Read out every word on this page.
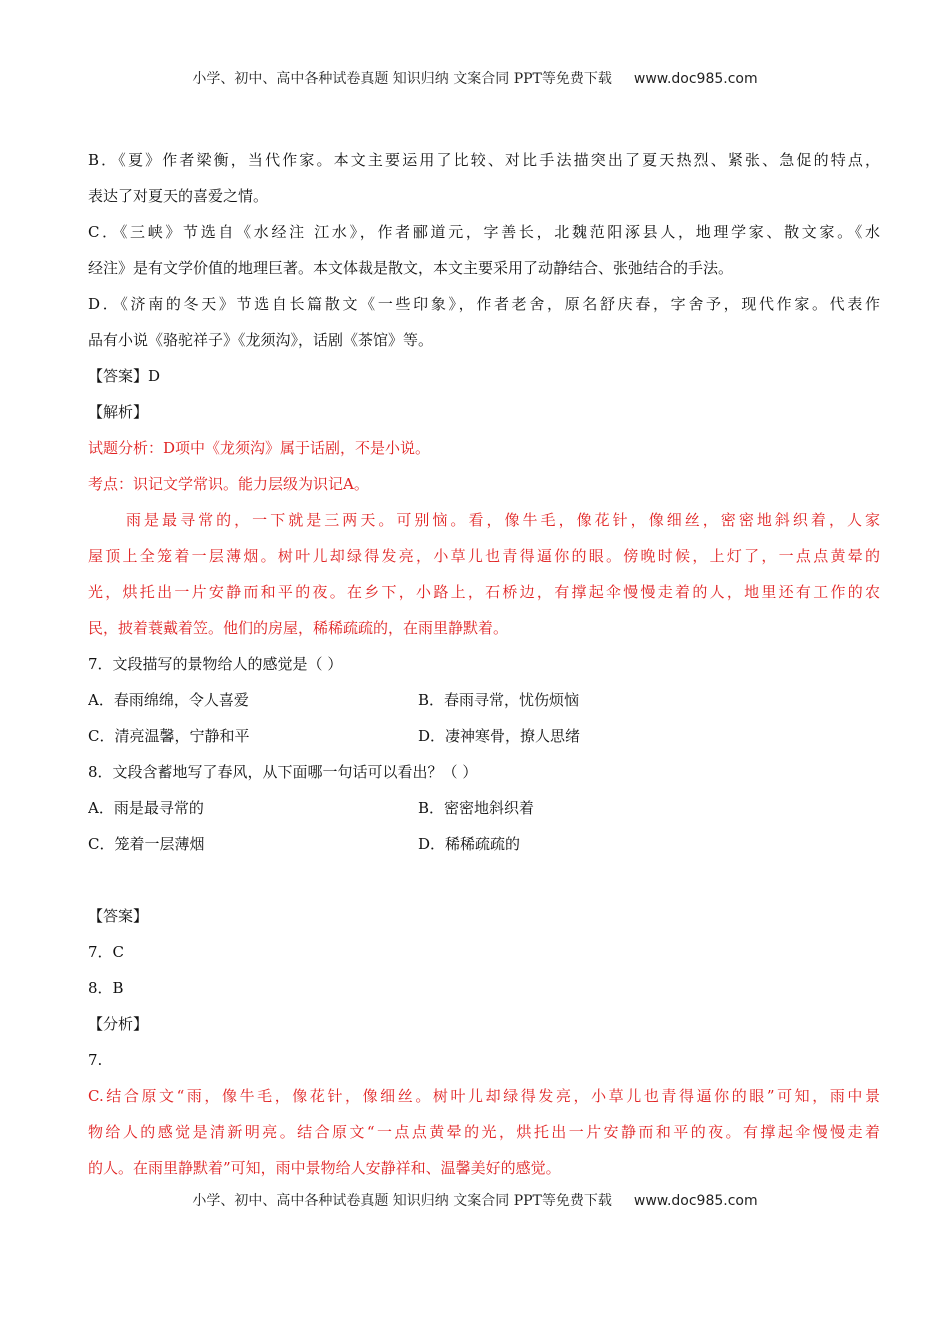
小学、初中、高中各种试卷真题 知识归纳 文案合同 PPT等免费下载 www.doc985.com
B．《夏》作者梁衡，当代作家。本文主要运用了比较、对比手法描突出了夏天热烈、紧张、急促的特点，
表达了对夏天的喜爱之情。
C．《三峡》节选自《水经注 江水》，作者郦道元，字善长，北魏范阳涿县人，地理学家、散文家。《水
经注》是有文学价值的地理巨著。本文体裁是散文，本文主要采用了动静结合、张弛结合的手法。
D．《济南的冬天》节选自长篇散文《一些印象》，作者老舍，原名舒庆春，字舍予，现代作家。代表作
品有小说《骆驼祥子》《龙须沟》，话剧《茶馆》等。
【答案】D
【解析】
试题分析：D项中《龙须沟》属于话剧，不是小说。
考点：识记文学常识。能力层级为识记A。
雨是最寻常的，一下就是三两天。可别恼。看，像牛毛，像花针，像细丝，密密地斜织着，人家
屋顶上全笼着一层薄烟。树叶儿却绿得发亮，小草儿也青得逼你的眼。傍晚时候，上灯了，一点点黄晕的
光，烘托出一片安静而和平的夜。在乡下，小路上，石桥边，有撑起伞慢慢走着的人，地里还有工作的农
民，披着蓑戴着笠。他们的房屋，稀稀疏疏的，在雨里静默着。
7．文段描写的景物给人的感觉是（ ）
A．春雨绵绵，令人喜爱	B．春雨寻常，忧伤烦恼
C．清亮温馨，宁静和平	D．凄神寒骨，撩人思绪
8．文段含蓄地写了春风，从下面哪一句话可以看出？（ ）
A．雨是最寻常的	B．密密地斜织着
C．笼着一层薄烟	D．稀稀疏疏的
【答案】
7．C
8．B
【分析】
7.
C.结合原文“雨，像牛毛，像花针，像细丝。树叶儿却绿得发亮，小草儿也青得逼你的眼”可知，雨中景
物给人的感觉是清新明亮。结合原文“一点点黄晕的光，烘托出一片安静而和平的夜。有撑起伞慢慢走着
的人。在雨里静默着”可知，雨中景物给人安静祥和、温馨美好的感觉。
小学、初中、高中各种试卷真题 知识归纳 文案合同 PPT等免费下载 www.doc985.com
